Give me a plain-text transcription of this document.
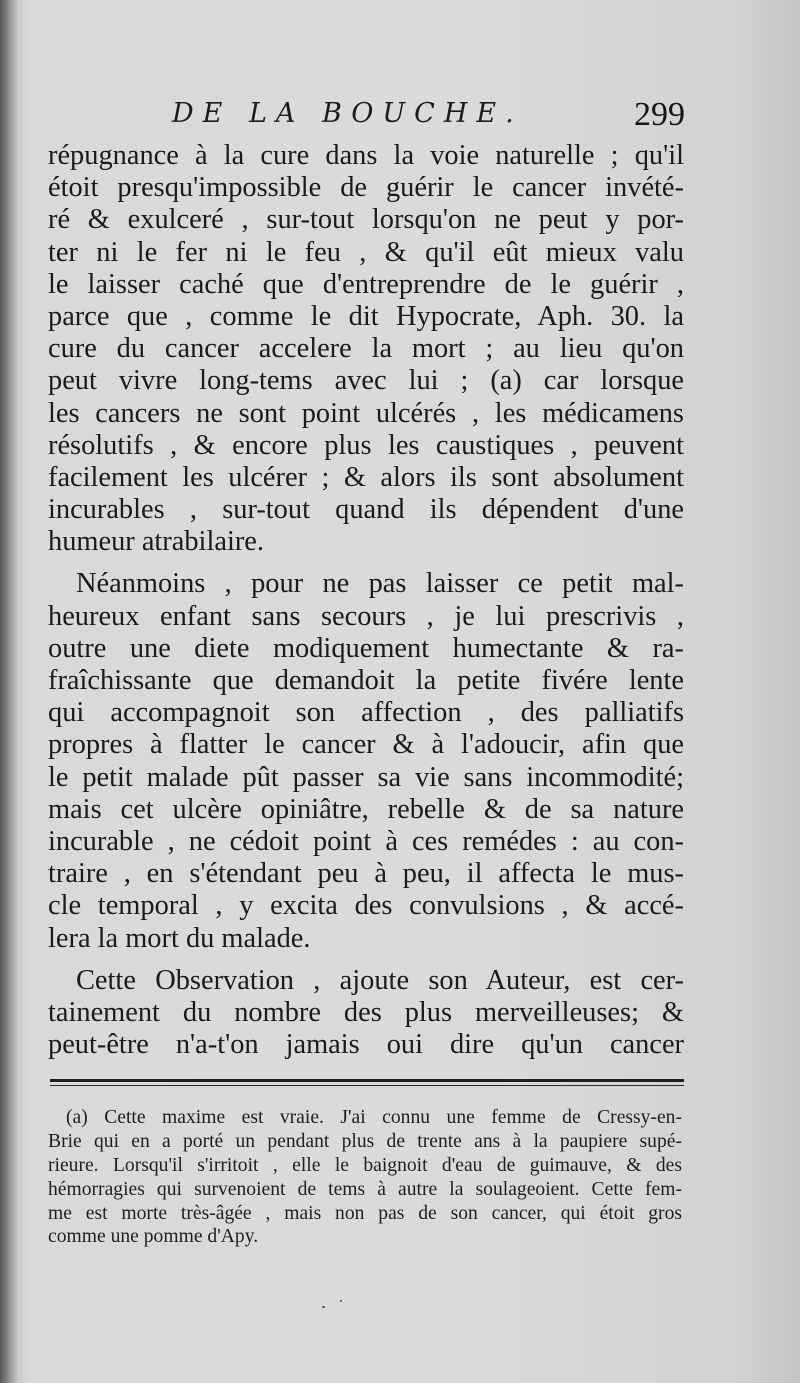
DE LA BOUCHE.	299
répugnance à la cure dans la voie naturelle ; qu'il
étoit presqu'impossible de guérir le cancer invété-
ré & exulceré , sur-tout lorsqu'on ne peut y por-
ter ni le fer ni le feu , & qu'il eût mieux valu
le laisser caché que d'entreprendre de le guérir ,
parce que , comme le dit Hypocrate, Aph. 30. la
cure du cancer accelere la mort ; au lieu qu'on
peut vivre long-tems avec lui ; (a) car lorsque
les cancers ne sont point ulcérés , les médicamens
résolutifs , & encore plus les caustiques , peuvent
facilement les ulcérer ; & alors ils sont absolument
incurables , sur-tout quand ils dépendent d'une
humeur atrabilaire.
Néanmoins , pour ne pas laisser ce petit mal-
heureux enfant sans secours , je lui prescrivis ,
outre une diete modiquement humectante & ra-
fraîchissante que demandoit la petite fivére lente
qui accompagnoit son affection , des palliatifs
propres à flatter le cancer & à l'adoucir, afin que
le petit malade pût passer sa vie sans incommodité;
mais cet ulcère opiniâtre, rebelle & de sa nature
incurable , ne cédoit point à ces remédes : au con-
traire , en s'étendant peu à peu, il affecta le mus-
cle temporal , y excita des convulsions , & accé-
lera la mort du malade.
Cette Observation , ajoute son Auteur, est cer-
tainement du nombre des plus merveilleuses; &
peut-être n'a-t'on jamais oui dire qu'un cancer
(a) Cette maxime est vraie. J'ai connu une femme de Cressy-en-
Brie qui en a porté un pendant plus de trente ans à la paupiere supé-
rieure. Lorsqu'il s'irritoit , elle le baignoit d'eau de guimauve, & des
hémorragies qui survenoient de tems à autre la soulageoient. Cette fem-
me est morte très-âgée , mais non pas de son cancer, qui étoit gros
comme une pomme d'Apy.
